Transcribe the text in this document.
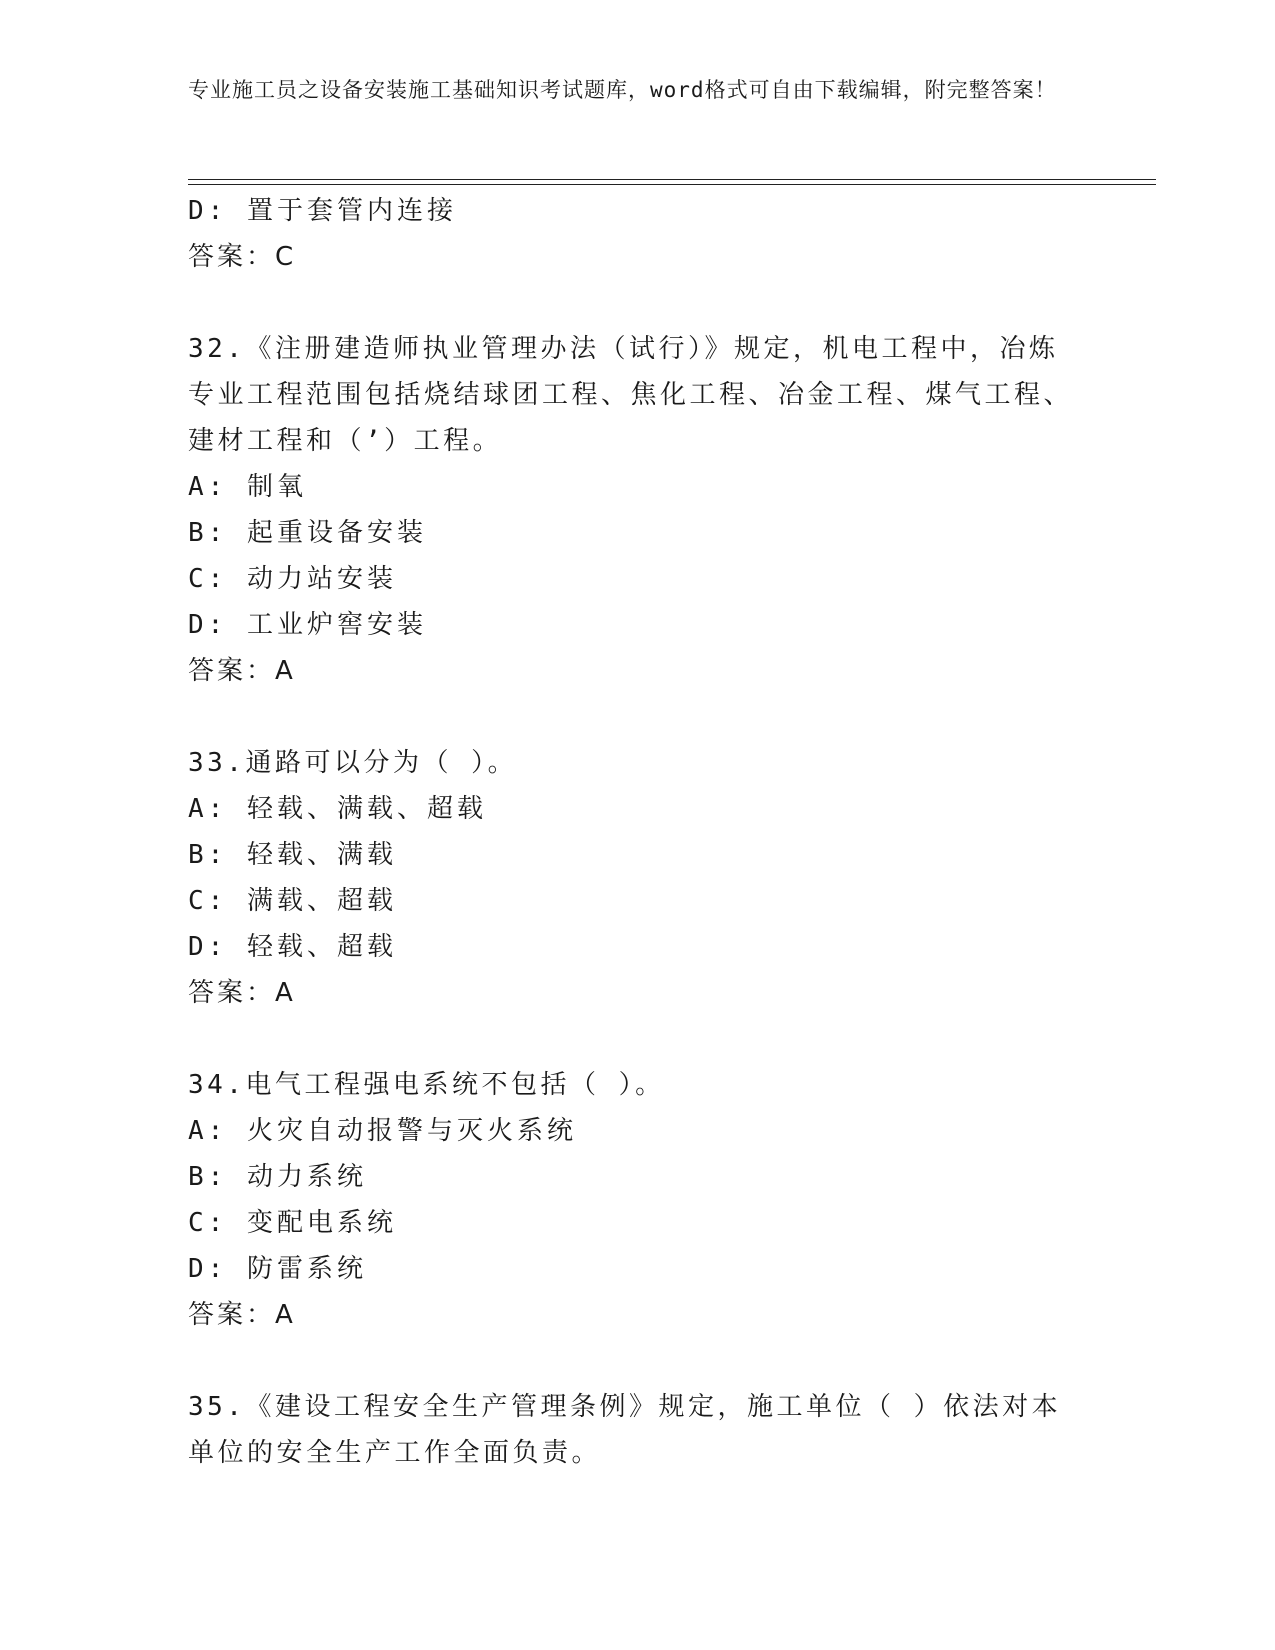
专业施工员之设备安装施工基础知识考试题库，word格式可自由下载编辑，附完整答案！

D: 置于套管内连接

答案：C

32.《注册建造师执业管理办法（试行）》规定，机电工程中，冶炼专业工程范围包括烧结球团工程、焦化工程、冶金工程、煤气工程、建材工程和（’）工程。

A: 制氧

B: 起重设备安装

C: 动力站安装

D: 工业炉窖安装

答案：A

33.通路可以分为（ ）。

A: 轻载、满载、超载

B: 轻载、满载

C: 满载、超载

D: 轻载、超载

答案：A

34.电气工程强电系统不包括（ ）。

A: 火灾自动报警与灭火系统

B: 动力系统

C: 变配电系统

D: 防雷系统

答案：A

35.《建设工程安全生产管理条例》规定，施工单位（ ）依法对本单位的安全生产工作全面负责。
